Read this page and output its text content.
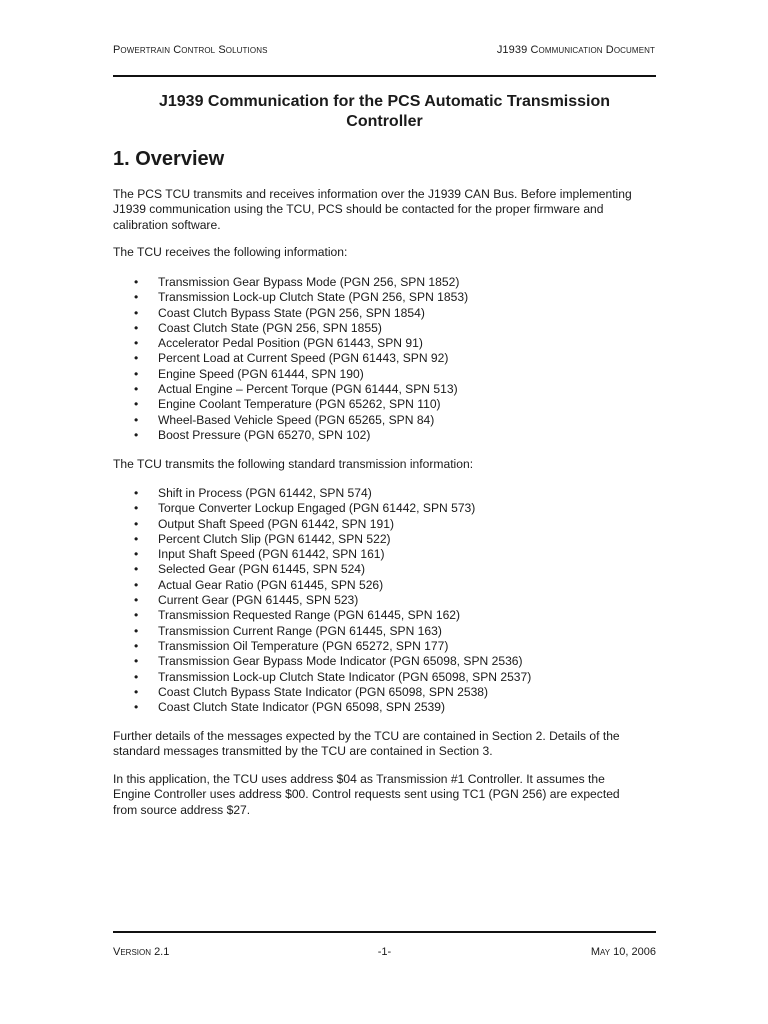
Powertrain Control Solutions	J1939 Communication Document
J1939 Communication for the PCS Automatic Transmission
Controller
1. Overview

The PCS TCU transmits and receives information over the J1939 CAN Bus. Before implementing
J1939 communication using the TCU, PCS should be contacted for the proper firmware and
calibration software.

The TCU receives the following information:
• Transmission Gear Bypass Mode (PGN 256, SPN 1852)
• Transmission Lock-up Clutch State (PGN 256, SPN 1853)
• Coast Clutch Bypass State (PGN 256, SPN 1854)
• Coast Clutch State (PGN 256, SPN 1855)
• Accelerator Pedal Position (PGN 61443, SPN 91)
• Percent Load at Current Speed (PGN 61443, SPN 92)
• Engine Speed (PGN 61444, SPN 190)
• Actual Engine – Percent Torque (PGN 61444, SPN 513)
• Engine Coolant Temperature (PGN 65262, SPN 110)
• Wheel-Based Vehicle Speed (PGN 65265, SPN 84)
• Boost Pressure (PGN 65270, SPN 102)
The TCU transmits the following standard transmission information:
• Shift in Process (PGN 61442, SPN 574)
• Torque Converter Lockup Engaged (PGN 61442, SPN 573)
• Output Shaft Speed (PGN 61442, SPN 191)
• Percent Clutch Slip (PGN 61442, SPN 522)
• Input Shaft Speed (PGN 61442, SPN 161)
• Selected Gear (PGN 61445, SPN 524)
• Actual Gear Ratio (PGN 61445, SPN 526)
• Current Gear (PGN 61445, SPN 523)
• Transmission Requested Range (PGN 61445, SPN 162)
• Transmission Current Range (PGN 61445, SPN 163)
• Transmission Oil Temperature (PGN 65272, SPN 177)
• Transmission Gear Bypass Mode Indicator (PGN 65098, SPN 2536)
• Transmission Lock-up Clutch State Indicator (PGN 65098, SPN 2537)
• Coast Clutch Bypass State Indicator (PGN 65098, SPN 2538)
• Coast Clutch State Indicator (PGN 65098, SPN 2539)

Further details of the messages expected by the TCU are contained in Section 2. Details of the
standard messages transmitted by the TCU are contained in Section 3.

In this application, the TCU uses address $04 as Transmission #1 Controller. It assumes the
Engine Controller uses address $00. Control requests sent using TC1 (PGN 256) are expected
from source address $27.

Version 2.1	-1-	May 10, 2006
